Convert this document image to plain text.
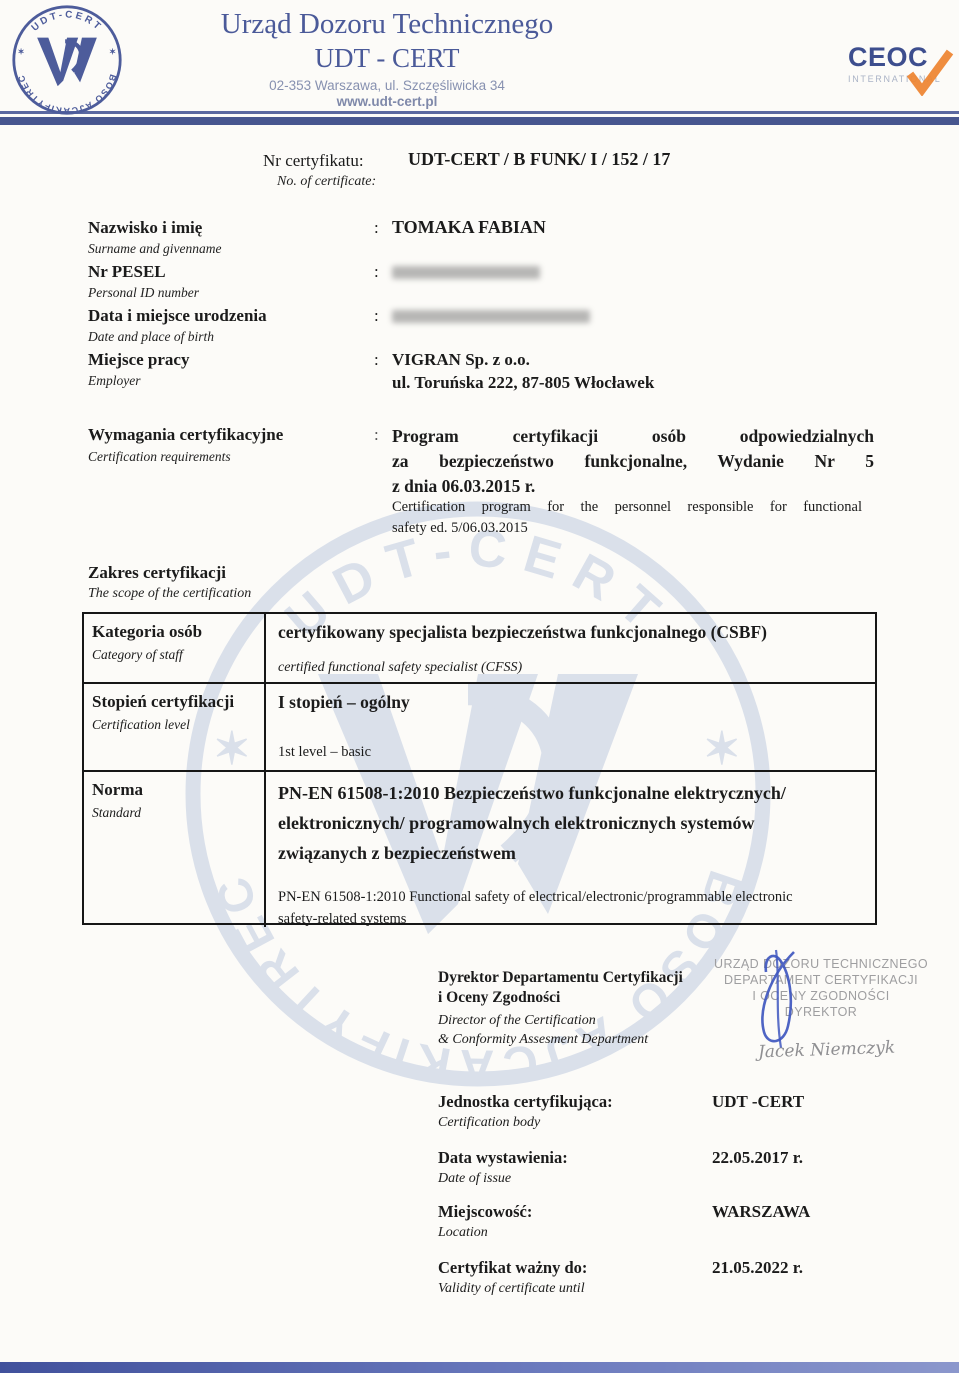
Urząd Dozoru Technicznego
UDT - CERT
02-353 Warszawa, ul. Szczęśliwicka 34
www.udt-cert.pl
CEOC
INTERNATIONAL
Nr certyfikatu:
No. of certificate:
UDT-CERT / B FUNK/ I / 152 / 17
Nazwisko i imię
Surname and givenname
: TOMAKA FABIAN
Nr PESEL
Personal ID number
:
Data i miejsce urodzenia
Date and place of birth
:
Miejsce pracy
Employer
: VIGRAN Sp. z o.o.
ul. Toruńska 222, 87-805 Włocławek
Wymagania certyfikacyjne
Certification requirements
: Program certyfikacji osób odpowiedzialnych
za bezpieczeństwo funkcjonalne, Wydanie Nr 5
z dnia 06.03.2015 r.
Certification program for the personnel responsible for functional
safety ed. 5/06.03.2015
Zakres certyfikacji
The scope of the certification
Kategoria osób
Category of staff
certyfikowany specjalista bezpieczeństwa funkcjonalnego (CSBF)
certified functional safety specialist (CFSS)
Stopień certyfikacji
Certification level
I stopień – ogólny
1st level – basic
Norma
Standard
PN-EN 61508-1:2010 Bezpieczeństwo funkcjonalne elektrycznych/
elektronicznych/ programowalnych elektronicznych systemów
związanych z bezpieczeństwem
PN-EN 61508-1:2010 Functional safety of electrical/electronic/programmable electronic
safety-related systems
Dyrektor Departamentu Certyfikacji
i Oceny Zgodności
Director of the Certification
& Conformity Assesment Department
URZĄD DOZORU TECHNICZNEGO
DEPARTAMENT CERTYFIKACJI
I OCENY ZGODNOŚCI
DYREKTOR
Jacek Niemczyk
Jednostka certyfikująca:
Certification body
UDT -CERT
Data wystawienia:
Date of issue
22.05.2017 r.
Miejscowość:
Location
WARSZAWA
Certyfikat ważny do:
Validity of certificate until
21.05.2022 r.
